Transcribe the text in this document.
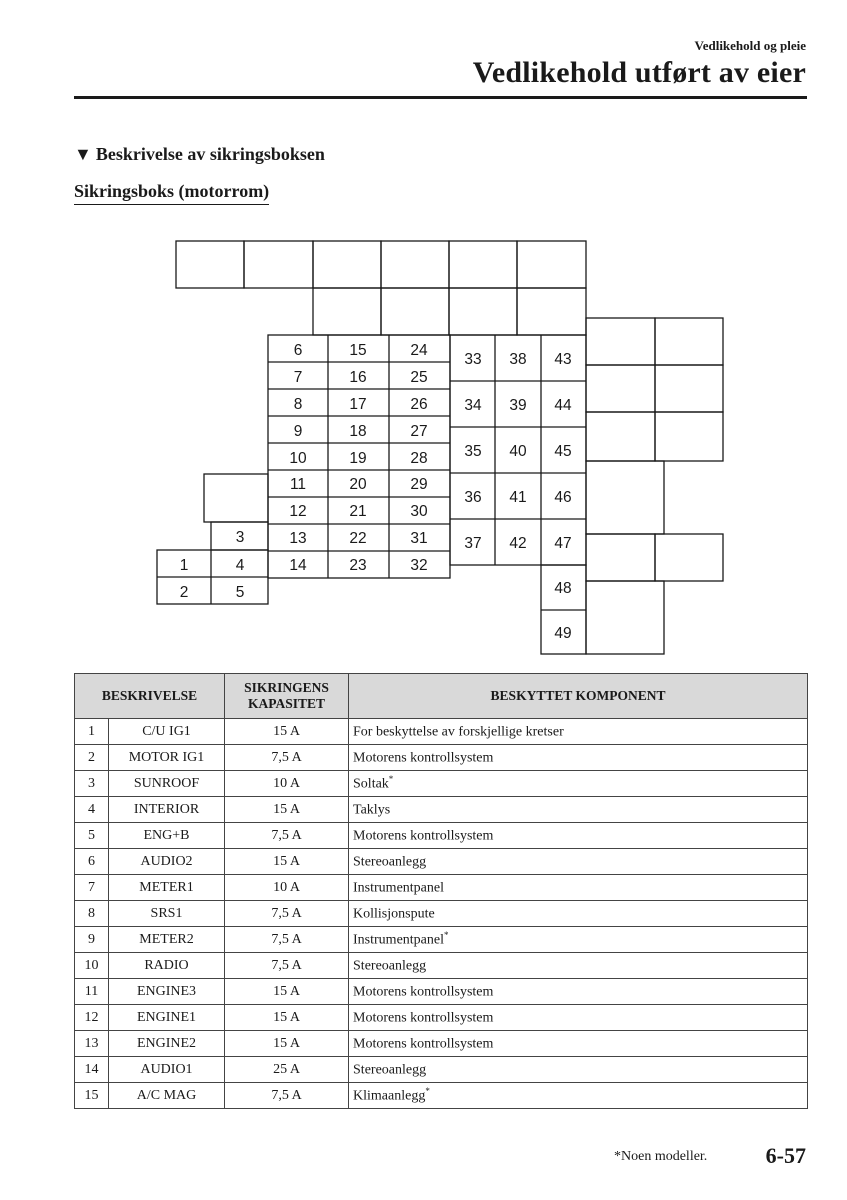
Vedlikehold og pleie
Vedlikehold utført av eier
▼ Beskrivelse av sikringsboksen
Sikringsboks (motorrom)
1
2
3
4
5
6
7
8
9
10
11
12
13
14
15
16
17
18
19
20
21
22
23
24
25
26
27
28
29
30
31
32
33
34
35
36
37
38
39
40
41
42
43
44
45
46
47
48
49
BESKRIVELSE		SIKRINGENS
KAPASITET	BESKYTTET KOMPONENT
1	C/U IG1	15 A	For beskyttelse av forskjellige kretser
2	MOTOR IG1	7,5 A	Motorens kontrollsystem
3	SUNROOF	10 A	Soltak*
4	INTERIOR	15 A	Taklys
5	ENG+B	7,5 A	Motorens kontrollsystem
6	AUDIO2	15 A	Stereoanlegg
7	METER1	10 A	Instrumentpanel
8	SRS1	7,5 A	Kollisjonspute
9	METER2	7,5 A	Instrumentpanel*
10	RADIO	7,5 A	Stereoanlegg
11	ENGINE3	15 A	Motorens kontrollsystem
12	ENGINE1	15 A	Motorens kontrollsystem
13	ENGINE2	15 A	Motorens kontrollsystem
14	AUDIO1	25 A	Stereoanlegg
15	A/C MAG	7,5 A	Klimaanlegg*
*Noen modeller.	6-57
